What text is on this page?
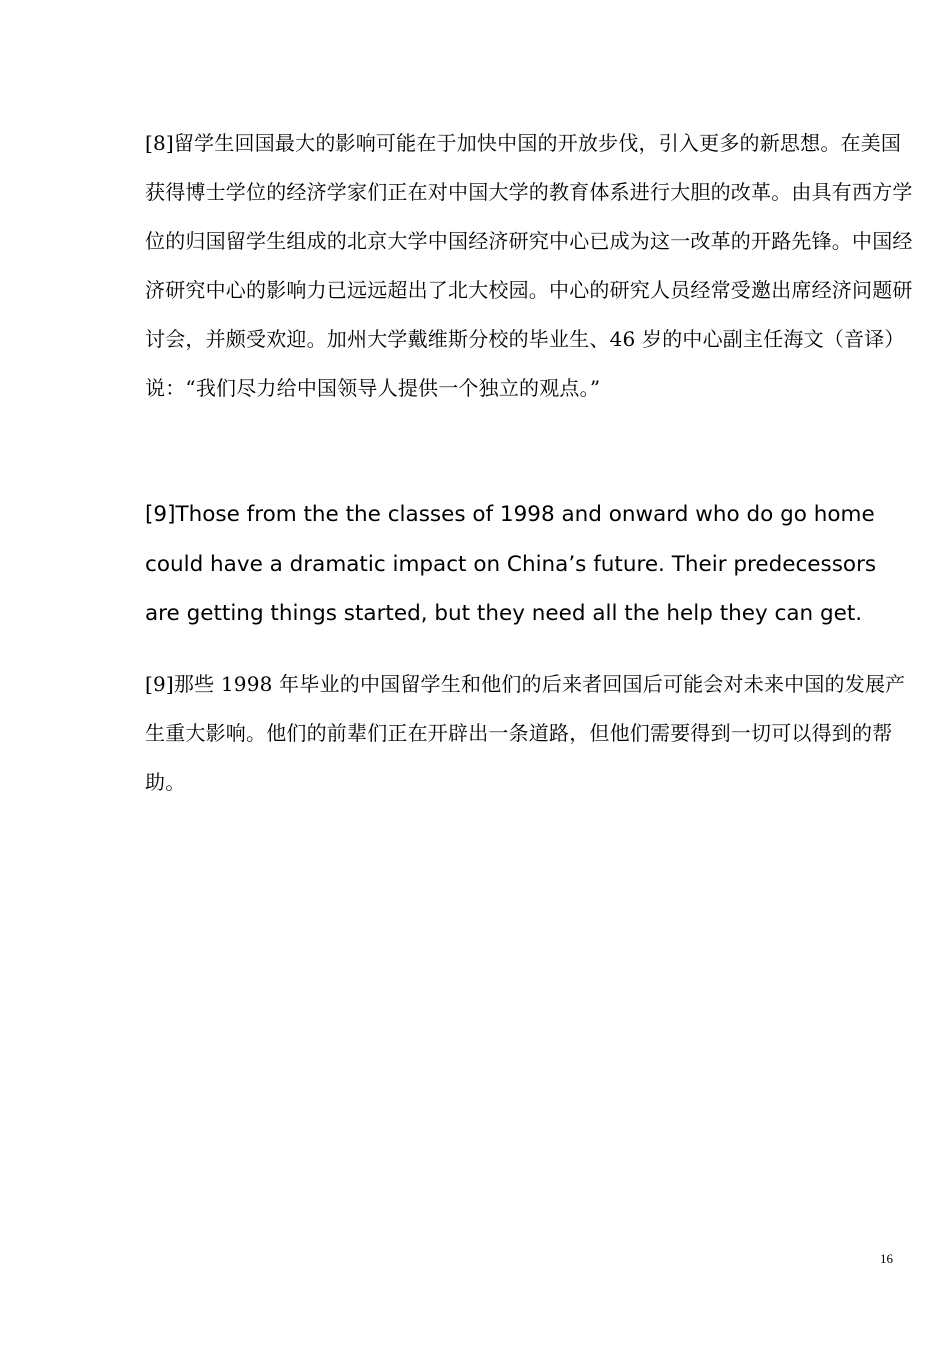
[8]留学生回国最大的影响可能在于加快中国的开放步伐，引入更多的新思想。在美国获得博士学位的经济学家们正在对中国大学的教育体系进行大胆的改革。由具有西方学位的归国留学生组成的北京大学中国经济研究中心已成为这一改革的开路先锋。中国经济研究中心的影响力已远远超出了北大校园。中心的研究人员经常受邀出席经济问题研讨会，并颇受欢迎。加州大学戴维斯分校的毕业生、46 岁的中心副主任海文（音译）说：“我们尽力给中国领导人提供一个独立的观点。”

[9]Those from the the classes of 1998 and onward who do go home could have a dramatic impact on China’s future. Their predecessors are getting things started, but they need all the help they can get.

[9]那些 1998 年毕业的中国留学生和他们的后来者回国后可能会对未来中国的发展产生重大影响。他们的前辈们正在开辟出一条道路，但他们需要得到一切可以得到的帮助。

16
